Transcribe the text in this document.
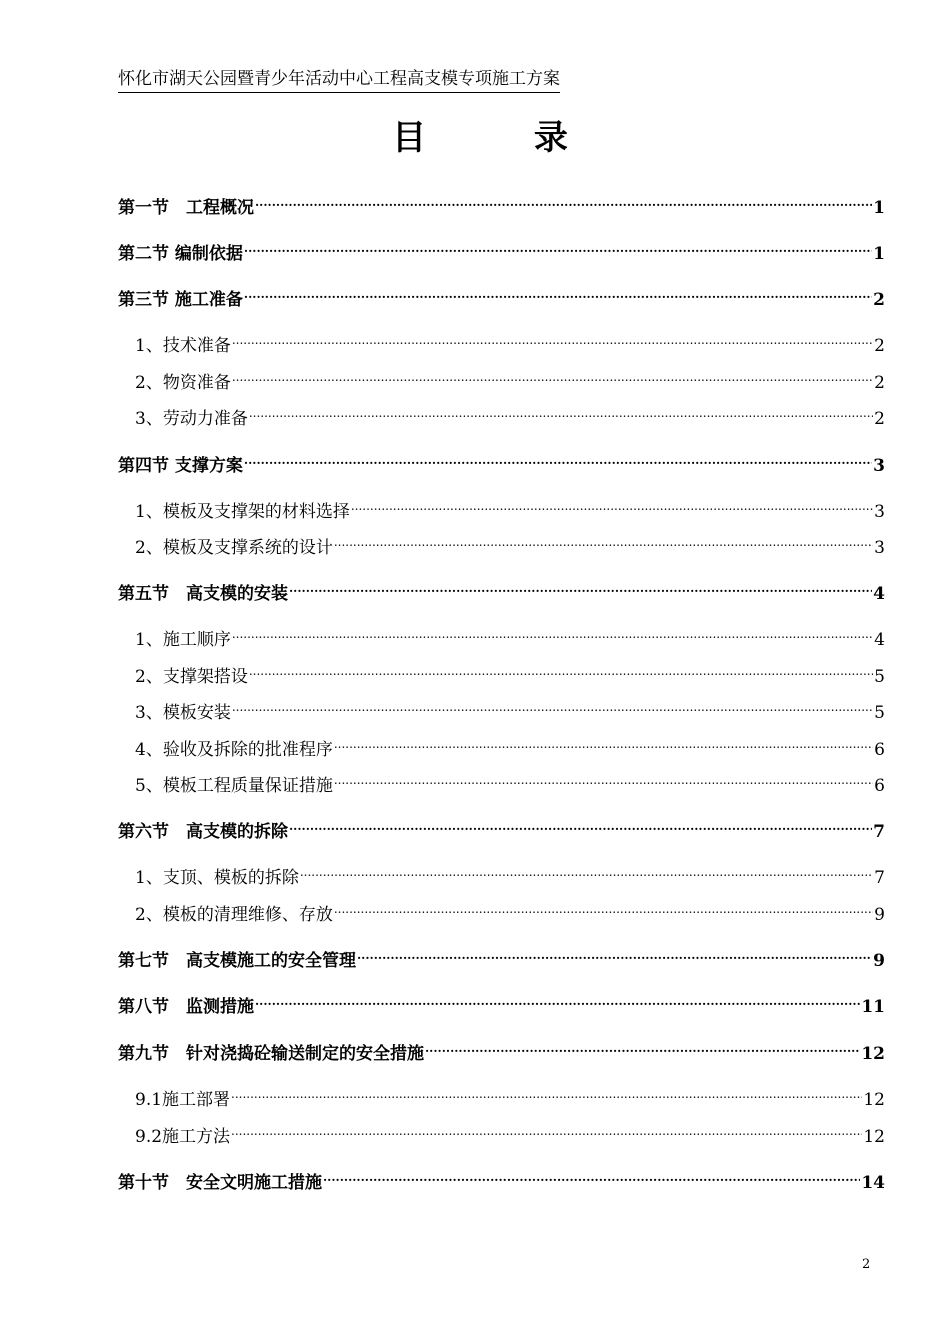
怀化市湖天公园暨青少年活动中心工程高支模专项施工方案
目 录
第一节　工程概况 .....	1
第二节 编制依据 .....	1
第三节 施工准备 .....	2
1、技术准备 .....	2
2、物资准备 .....	2
3、劳动力准备 .....	2
第四节 支撑方案 .....	3
1、模板及支撑架的材料选择 .....	3
2、模板及支撑系统的设计 .....	3
第五节　高支模的安装 .....	4
1、施工顺序 .....	4
2、支撑架搭设 .....	5
3、模板安装 .....	5
4、验收及拆除的批准程序 .....	6
5、模板工程质量保证措施 .....	6
第六节　高支模的拆除 .....	7
1、支顶、模板的拆除 .....	7
2、模板的清理维修、存放 .....	9
第七节　高支模施工的安全管理 .....	9
第八节　监测措施 .....	11
第九节　针对浇捣砼输送制定的安全措施 .....	12
9.1施工部署 .....	12
9.2施工方法 .....	12
第十节　安全文明施工措施 .....	14
2
